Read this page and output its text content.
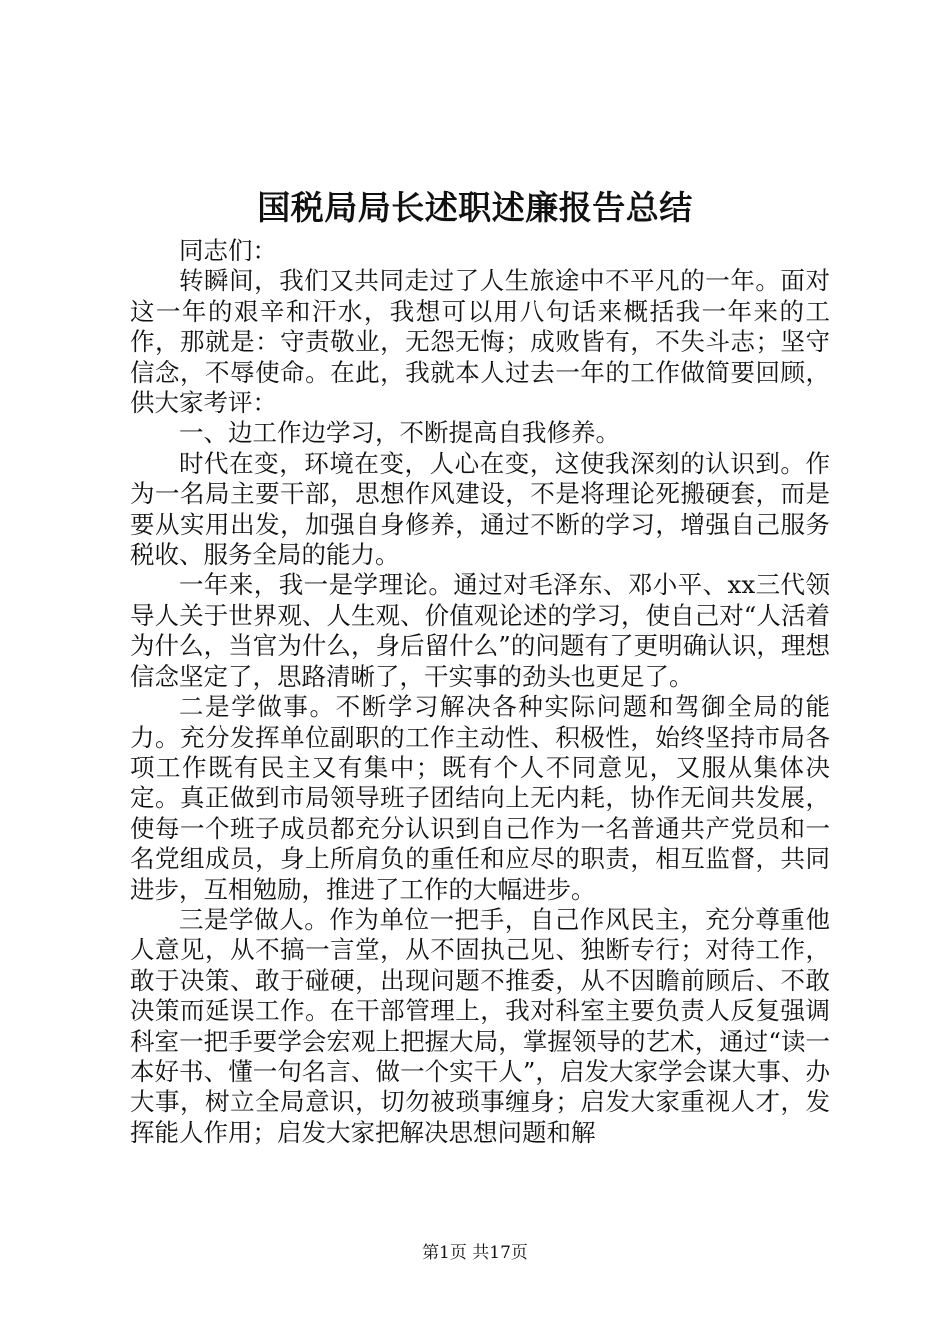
国税局局长述职述廉报告总结

同志们：

转瞬间，我们又共同走过了人生旅途中不平凡的一年。面对这一年的艰辛和汗水，我想可以用八句话来概括我一年来的工作，那就是：守责敬业，无怨无悔；成败皆有，不失斗志；坚守信念，不辱使命。在此，我就本人过去一年的工作做简要回顾，供大家考评：

一、边工作边学习，不断提高自我修养。

时代在变，环境在变，人心在变，这使我深刻的认识到。作为一名局主要干部，思想作风建设，不是将理论死搬硬套，而是要从实用出发，加强自身修养，通过不断的学习，增强自己服务税收、服务全局的能力。

一年来，我一是学理论。通过对毛泽东、邓小平、xx三代领导人关于世界观、人生观、价值观论述的学习，使自己对“人活着为什么，当官为什么，身后留什么”的问题有了更明确认识，理想信念坚定了，思路清晰了，干实事的劲头也更足了。

二是学做事。不断学习解决各种实际问题和驾御全局的能力。充分发挥单位副职的工作主动性、积极性，始终坚持市局各项工作既有民主又有集中；既有个人不同意见，又服从集体决定。真正做到市局领导班子团结向上无内耗，协作无间共发展，使每一个班子成员都充分认识到自己作为一名普通共产党员和一名党组成员，身上所肩负的重任和应尽的职责，相互监督，共同进步，互相勉励，推进了工作的大幅进步。

三是学做人。作为单位一把手，自己作风民主，充分尊重他人意见，从不搞一言堂，从不固执己见、独断专行；对待工作，敢于决策、敢于碰硬，出现问题不推委，从不因瞻前顾后、不敢决策而延误工作。在干部管理上，我对科室主要负责人反复强调科室一把手要学会宏观上把握大局，掌握领导的艺术，通过“读一本好书、懂一句名言、做一个实干人”，启发大家学会谋大事、办大事，树立全局意识，切勿被琐事缠身；启发大家重视人才，发挥能人作用；启发大家把解决思想问题和解

第1页 共17页
